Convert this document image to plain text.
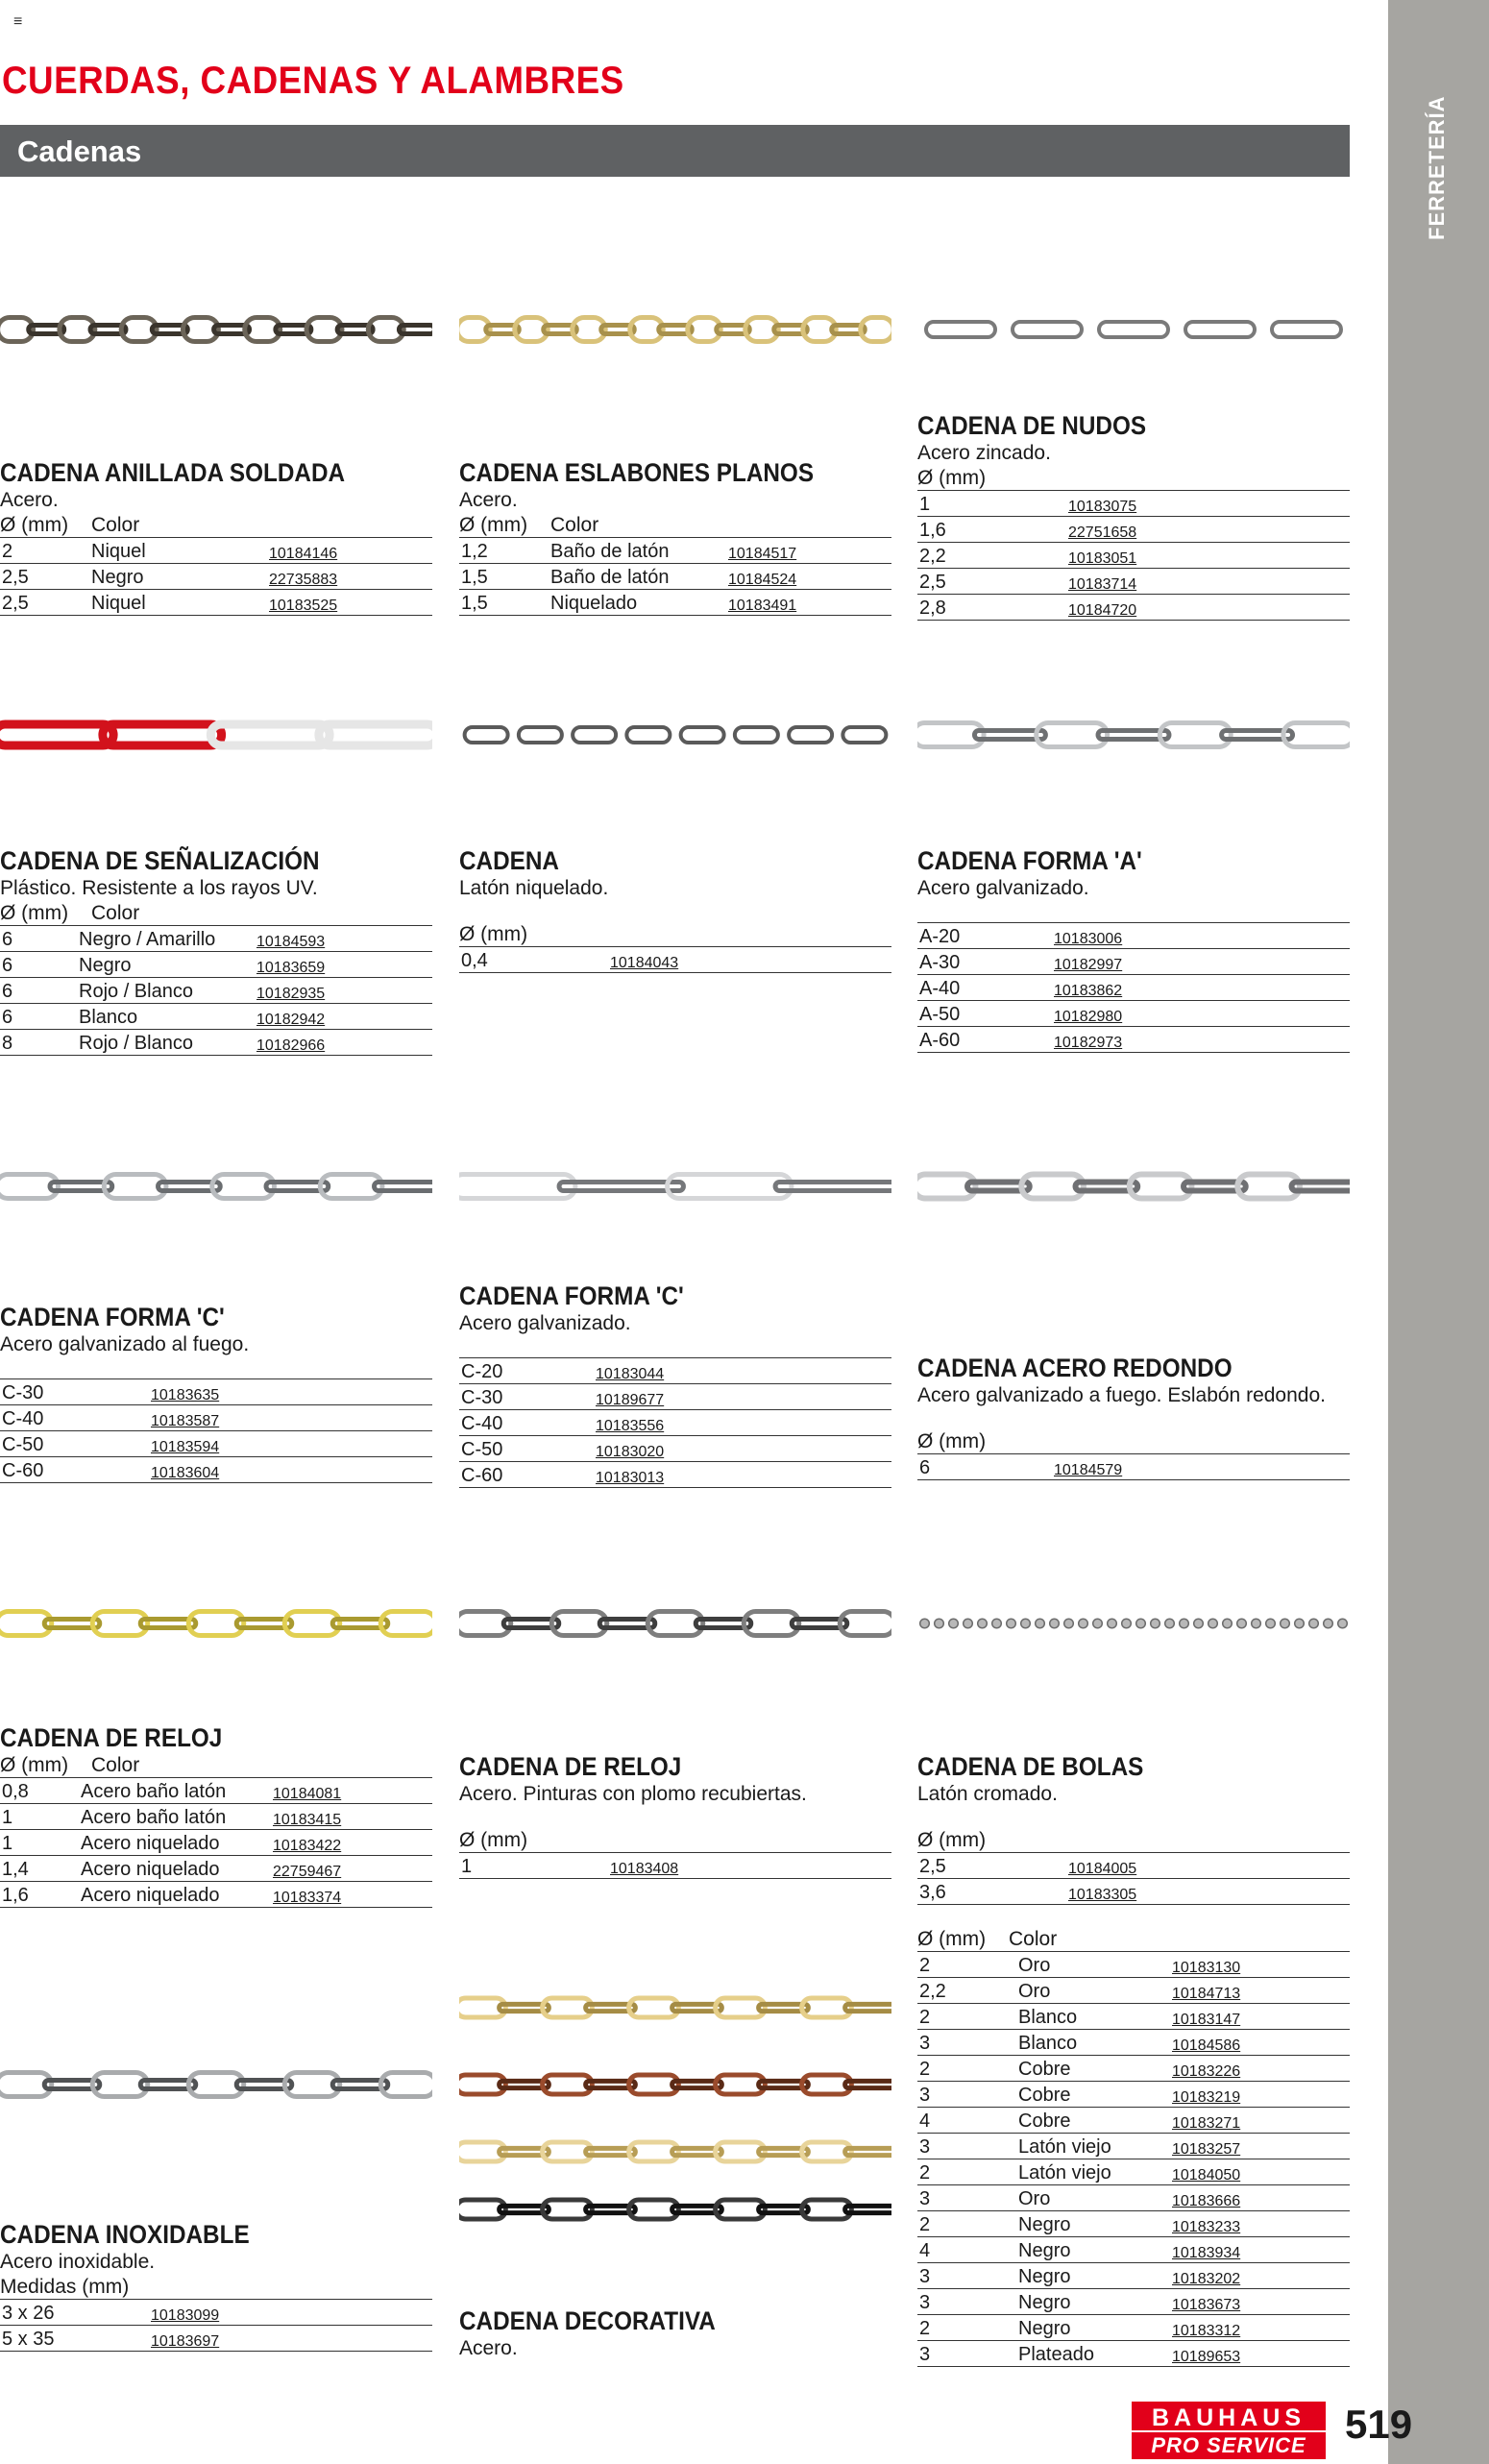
≡
CUERDAS, CADENAS Y ALAMBRES
Cadenas	FERRETERÍA
CADENA ANILLADA SOLDADA
Acero.
Ø (mm)	Color
2	Niquel	10184146
2,5	Negro	22735883
2,5	Niquel	10183525
CADENA ESLABONES PLANOS
Acero.
Ø (mm)	Color
1,2	Baño de latón	10184517
1,5	Baño de latón	10184524
1,5	Niquelado	10183491
CADENA DE NUDOS
Acero zincado.
Ø (mm)
1	10183075
1,6	22751658
2,2	10183051
2,5	10183714
2,8	10184720
CADENA DE SEÑALIZACIÓN
Plástico. Resistente a los rayos UV.
Ø (mm)	Color
6	Negro / Amarillo	10184593
6	Negro	10183659
6	Rojo / Blanco	10182935
6	Blanco	10182942
8	Rojo / Blanco	10182966
CADENA
Latón niquelado.
Ø (mm)
0,4	10184043
CADENA FORMA 'A'
Acero galvanizado.
A-20	10183006
A-30	10182997
A-40	10183862
A-50	10182980
A-60	10182973
CADENA FORMA 'C'
Acero galvanizado al fuego.
C-30	10183635
C-40	10183587
C-50	10183594
C-60	10183604
CADENA FORMA 'C'
Acero galvanizado.
C-20	10183044
C-30	10189677
C-40	10183556
C-50	10183020
C-60	10183013
CADENA ACERO REDONDO
Acero galvanizado a fuego. Eslabón redondo.
Ø (mm)
6	10184579
CADENA DE RELOJ
Ø (mm)	Color
0,8	Acero baño latón	10184081
1	Acero baño latón	10183415
1	Acero niquelado	10183422
1,4	Acero niquelado	22759467
1,6	Acero niquelado	10183374
CADENA DE RELOJ
Acero. Pinturas con plomo recubiertas.
Ø (mm)
1	10183408
CADENA DE BOLAS
Latón cromado.
Ø (mm)
2,5	10184005
3,6	10183305
CADENA INOXIDABLE
Acero inoxidable.
Medidas (mm)
3 x 26	10183099
5 x 35	10183697
CADENA DECORATIVA
Acero.
Ø (mm)	Color
2	Oro	10183130
2,2	Oro	10184713
2	Blanco	10183147
3	Blanco	10184586
2	Cobre	10183226
3	Cobre	10183219
4	Cobre	10183271
3	Latón viejo	10183257
2	Latón viejo	10184050
3	Oro	10183666
2	Negro	10183233
4	Negro	10183934
3	Negro	10183202
3	Negro	10183673
2	Negro	10183312
3	Plateado	10189653
BAUHAUS
PRO SERVICE 519
